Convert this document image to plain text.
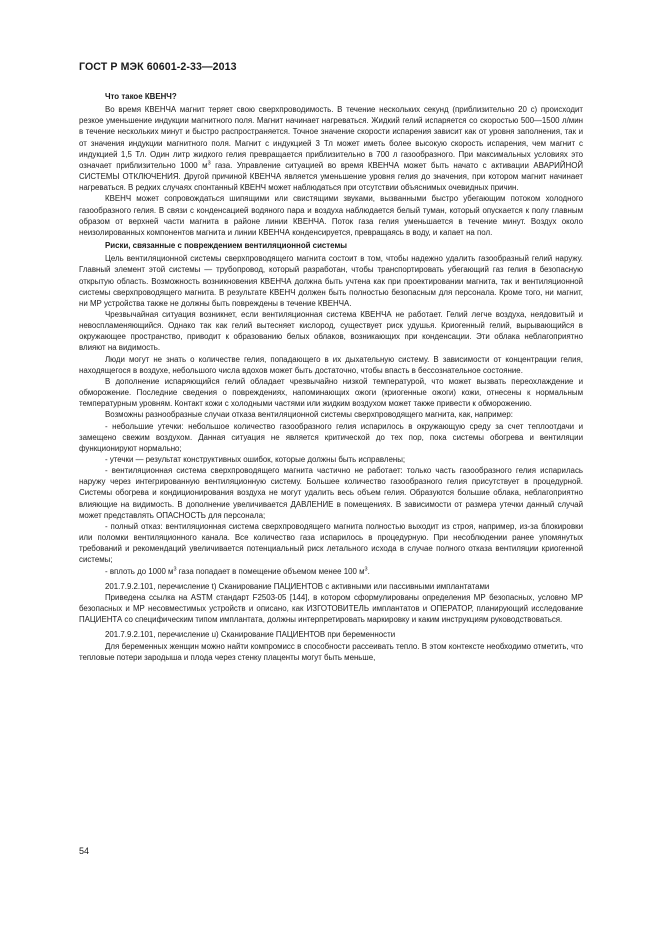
ГОСТ Р МЭК 60601-2-33—2013

Что такое КВЕНЧ?

Во время КВЕНЧА магнит теряет свою сверхпроводимость. В течение нескольких секунд (приблизительно 20 с) происходит резкое уменьшение индукции магнитного поля. Магнит начинает нагреваться. Жидкий гелий испаряется со скоростью 500—1500 л/мин в течение нескольких минут и быстро распространяется. Точное значение скорости испарения зависит как от уровня заполнения, так и от значения индукции магнитного поля. Магнит с индукцией 3 Тл может иметь более высокую скорость испарения, чем магнит с индукцией 1,5 Тл. Один литр жидкого гелия превращается приблизительно в 700 л газообразного. При максимальных условиях это означает приблизительно 1000 $м^3$ газа. Управление ситуацией во время КВЕНЧА может быть начато с активации АВАРИЙНОЙ СИСТЕМЫ ОТКЛЮЧЕНИЯ. Другой причиной КВЕНЧА является уменьшение уровня гелия до значения, при котором магнит начинает нагреваться. В редких случаях спонтанный КВЕНЧ может наблюдаться при отсутствии объяснимых очевидных причин.

КВЕНЧ может сопровождаться шипящими или свистящими звуками, вызванными быстро убегающим потоком холодного газообразного гелия. В связи с конденсацией водяного пара и воздуха наблюдается белый туман, который опускается к полу главным образом от верхней части магнита в районе линии КВЕНЧА. Поток газа гелия уменьшается в течение минут. Воздух около неизолированных компонентов магнита и линии КВЕНЧА конденсируется, превращаясь в воду, и капает на пол.

Риски, связанные с повреждением вентиляционной системы

Цель вентиляционной системы сверхпроводящего магнита состоит в том, чтобы надежно удалить газообразный гелий наружу. Главный элемент этой системы — трубопровод, который разработан, чтобы транспортировать убегающий газ гелия в безопасную открытую область. Возможность возникновения КВЕНЧА должна быть учтена как при проектировании магнита, так и вентиляционной системы сверхпроводящего магнита. В результате КВЕНЧ должен быть полностью безопасным для персонала. Кроме того, ни магнит, ни МР устройства также не должны быть повреждены в течение КВЕНЧА.

Чрезвычайная ситуация возникнет, если вентиляционная система КВЕНЧА не работает. Гелий легче воздуха, неядовитый и невоспламеняющийся. Однако так как гелий вытесняет кислород, существует риск удушья. Криогенный гелий, вырывающийся в окружающее пространство, приводит к образованию белых облаков, возникающих при конденсации. Эти облака неблагоприятно влияют на видимость.

Люди могут не знать о количестве гелия, попадающего в их дыхательную систему. В зависимости от концентрации гелия, находящегося в воздухе, небольшого числа вдохов может быть достаточно, чтобы впасть в бессознательное состояние.

В дополнение испаряющийся гелий обладает чрезвычайно низкой температурой, что может вызвать переохлаждение и обморожение. Последние сведения о повреждениях, напоминающих ожоги (криогенные ожоги) кожи, отнесены к нормальным температурным уровням. Контакт кожи с холодными частями или жидким воздухом может также привести к обморожению.

Возможны разнообразные случаи отказа вентиляционной системы сверхпроводящего магнита, как, например:

- небольшие утечки: небольшое количество газообразного гелия испарилось в окружающую среду за счет теплоотдачи и замещено свежим воздухом. Данная ситуация не является критической до тех пор, пока системы обогрева и вентиляции функционируют нормально;

- утечки — результат конструктивных ошибок, которые должны быть исправлены;

- вентиляционная система сверхпроводящего магнита частично не работает: только часть газообразного гелия испарилась наружу через интегрированную вентиляционную систему. Большее количество газообразного гелия присутствует в процедурной. Системы обогрева и кондиционирования воздуха не могут удалить весь объем гелия. Образуются большие облака, неблагоприятно влияющие на видимость. В дополнение увеличивается ДАВЛЕНИЕ в помещениях. В зависимости от размера утечки данный случай может представлять ОПАСНОСТЬ для персонала;

- полный отказ: вентиляционная система сверхпроводящего магнита полностью выходит из строя, например, из-за блокировки или поломки вентиляционного канала. Все количество газа испарилось в процедурную. При несоблюдении ранее упомянутых требований и рекомендаций увеличивается потенциальный риск летального исхода в случае полного отказа вентиляции криогенной системы;

- вплоть до 1000 $м^3$ газа попадает в помещение объемом менее 100 $м^3$.

201.7.9.2.101, перечисление t) Сканирование ПАЦИЕНТОВ с активными или пассивными имплантатами

Приведена ссылка на ASTM стандарт F2503-05 [144], в котором сформулированы определения МР безопасных, условно МР безопасных и МР несовместимых устройств и описано, как ИЗГОТОВИТЕЛЬ имплантатов и ОПЕРАТОР, планирующий исследование ПАЦИЕНТА со специфическим типом имплантата, должны интерпретировать маркировку и каким инструкциям руководствоваться.

201.7.9.2.101, перечисление u) Сканирование ПАЦИЕНТОВ при беременности

Для беременных женщин можно найти компромисс в способности рассеивать тепло. В этом контексте необходимо отметить, что тепловые потери зародыша и плода через стенку плаценты могут быть меньше,

54
